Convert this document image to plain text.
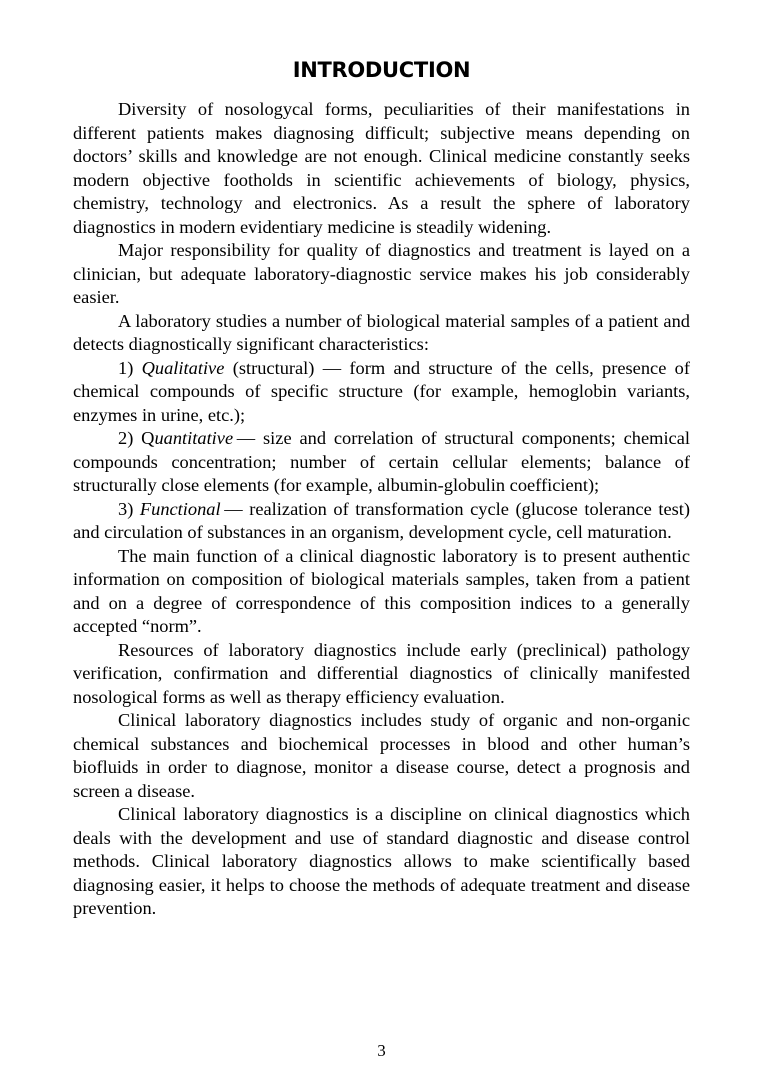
INTRODUCTION

Diversity of nosologycal forms, peculiarities of their manifestations in different patients makes diagnosing difficult; subjective means depending on doctors’ skills and knowledge are not enough. Clinical medicine constantly seeks modern objective footholds in scientific achievements of biology, physics, chemistry, technology and electronics. As a result the sphere of laboratory diagnostics in modern evidentiary medicine is steadily widening.

Major responsibility for quality of diagnostics and treatment is layed on a clinician, but adequate laboratory-diagnostic service makes his job considerably easier.

A laboratory studies a number of biological material samples of a patient and detects diagnostically significant characteristics:

1) Qualitative (structural) — form and structure of the cells, presence of chemical compounds of specific structure (for example, hemoglobin variants, enzymes in urine, etc.);

2) Quantitative — size and correlation of structural components; chemical compounds concentration; number of certain cellular elements; balance of structurally close elements (for example, albumin-globulin coefficient);

3) Functional — realization of transformation cycle (glucose tolerance test) and circulation of substances in an organism, development cycle, cell maturation.

The main function of a clinical diagnostic laboratory is to present authentic information on composition of biological materials samples, taken from a patient and on a degree of correspondence of this composition indices to a generally accepted “norm”.

Resources of laboratory diagnostics include early (preclinical) pathology verification, confirmation and differential diagnostics of clinically manifested nosological forms as well as therapy efficiency evaluation.

Clinical laboratory diagnostics includes study of organic and non-organic chemical substances and biochemical processes in blood and other human’s biofluids in order to diagnose, monitor a disease course, detect a prognosis and screen a disease.

Clinical laboratory diagnostics is a discipline on clinical diagnostics which deals with the development and use of standard diagnostic and disease control methods. Clinical laboratory diagnostics allows to make scientifically based diagnosing easier, it helps to choose the methods of adequate treatment and disease prevention.

3
